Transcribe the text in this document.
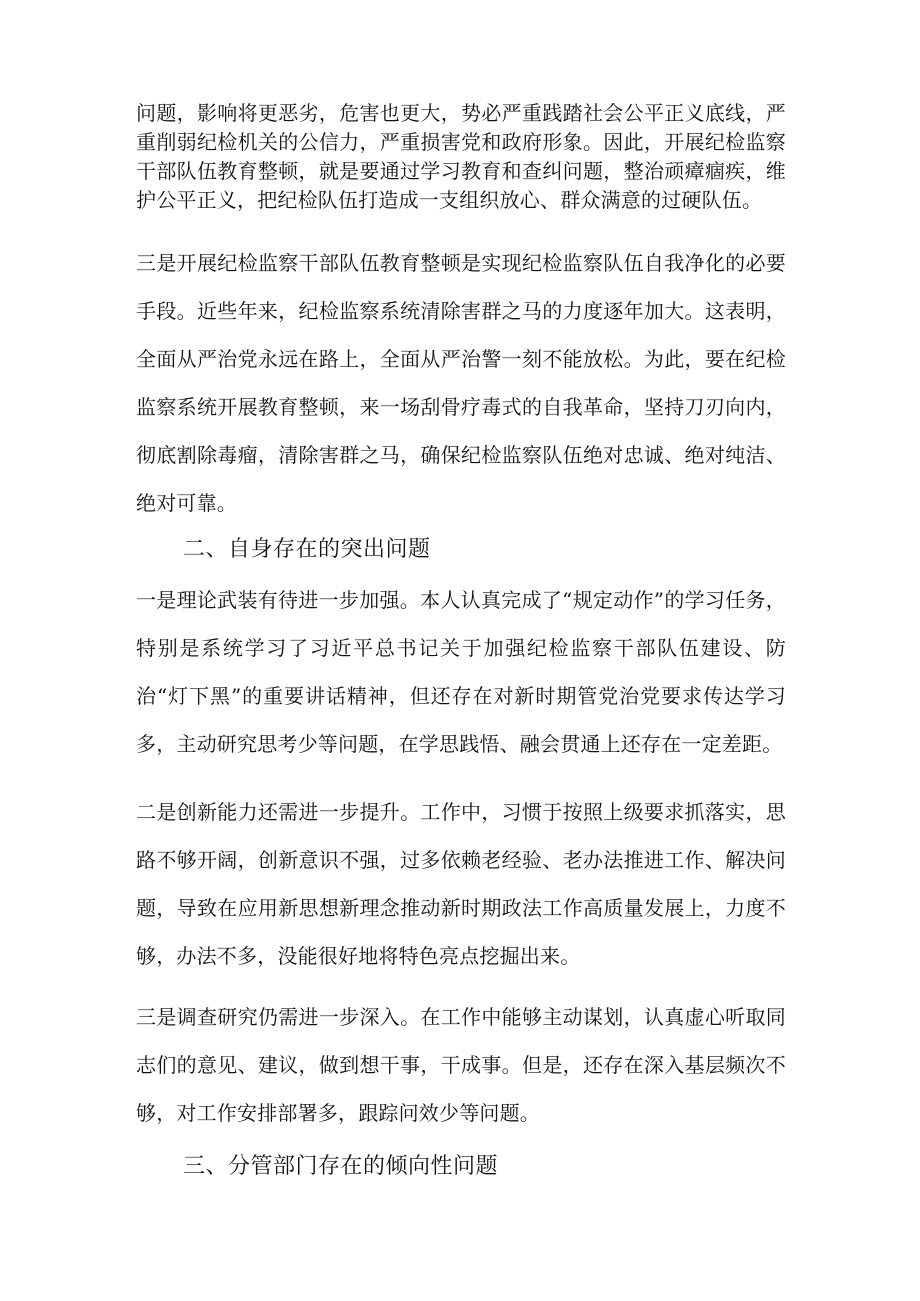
问题，影响将更恶劣，危害也更大，势必严重践踏社会公平正义底线，严重削弱纪检机关的公信力，严重损害党和政府形象。因此，开展纪检监察干部队伍教育整顿，就是要通过学习教育和查纠问题，整治顽瘴痼疾，维护公平正义，把纪检队伍打造成一支组织放心、群众满意的过硬队伍。

三是开展纪检监察干部队伍教育整顿是实现纪检监察队伍自我净化的必要手段。近些年来，纪检监察系统清除害群之马的力度逐年加大。这表明，全面从严治党永远在路上，全面从严治警一刻不能放松。为此，要在纪检监察系统开展教育整顿，来一场刮骨疗毒式的自我革命，坚持刀刃向内，彻底割除毒瘤，清除害群之马，确保纪检监察队伍绝对忠诚、绝对纯洁、绝对可靠。

二、自身存在的突出问题

一是理论武装有待进一步加强。本人认真完成了“规定动作”的学习任务，特别是系统学习了习近平总书记关于加强纪检监察干部队伍建设、防治“灯下黑”的重要讲话精神，但还存在对新时期管党治党要求传达学习多，主动研究思考少等问题，在学思践悟、融会贯通上还存在一定差距。

二是创新能力还需进一步提升。工作中，习惯于按照上级要求抓落实，思路不够开阔，创新意识不强，过多依赖老经验、老办法推进工作、解决问题，导致在应用新思想新理念推动新时期政法工作高质量发展上，力度不够，办法不多，没能很好地将特色亮点挖掘出来。

三是调查研究仍需进一步深入。在工作中能够主动谋划，认真虚心听取同志们的意见、建议，做到想干事，干成事。但是，还存在深入基层频次不够，对工作安排部署多，跟踪问效少等问题。

三、分管部门存在的倾向性问题
